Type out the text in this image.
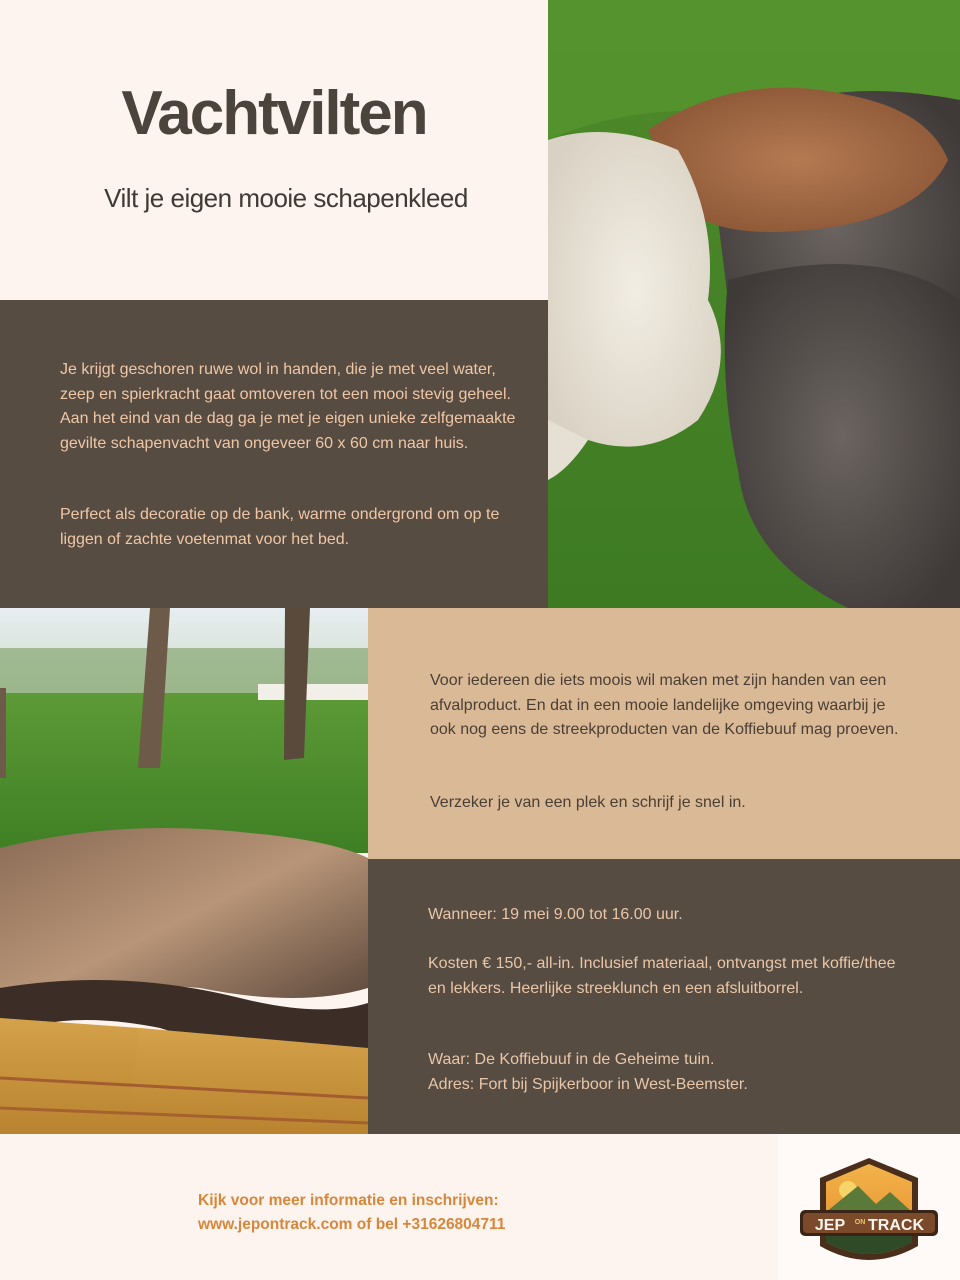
Vachtvilten
Vilt je eigen mooie schapenkleed

Je krijgt geschoren ruwe wol in handen, die je met veel water, zeep en spierkracht gaat omtoveren tot een mooi stevig geheel. Aan het eind van de dag ga je met je eigen unieke zelfgemaakte gevilte schapenvacht van ongeveer 60 x 60 cm naar huis.

Perfect als decoratie op de bank, warme ondergrond om op te liggen of zachte voetenmat voor het bed.

Voor iedereen die iets moois wil maken met zijn handen van een afvalproduct. En dat in een mooie landelijke omgeving waarbij je ook nog eens de streekproducten van de Koffiebuuf mag proeven.

Verzeker je van een plek en schrijf je snel in.

Wanneer: 19 mei 9.00 tot 16.00 uur.

Kosten € 150,- all-in. Inclusief materiaal, ontvangst met koffie/thee en lekkers. Heerlijke streeklunch en een afsluitborrel.

Waar: De Koffiebuuf in de Geheime tuin.

Adres: Fort bij Spijkerboor in West-Beemster.

Kijk voor meer informatie en inschrijven:
www.jepontrack.com of bel +31626804711	JEP ON TRACK
